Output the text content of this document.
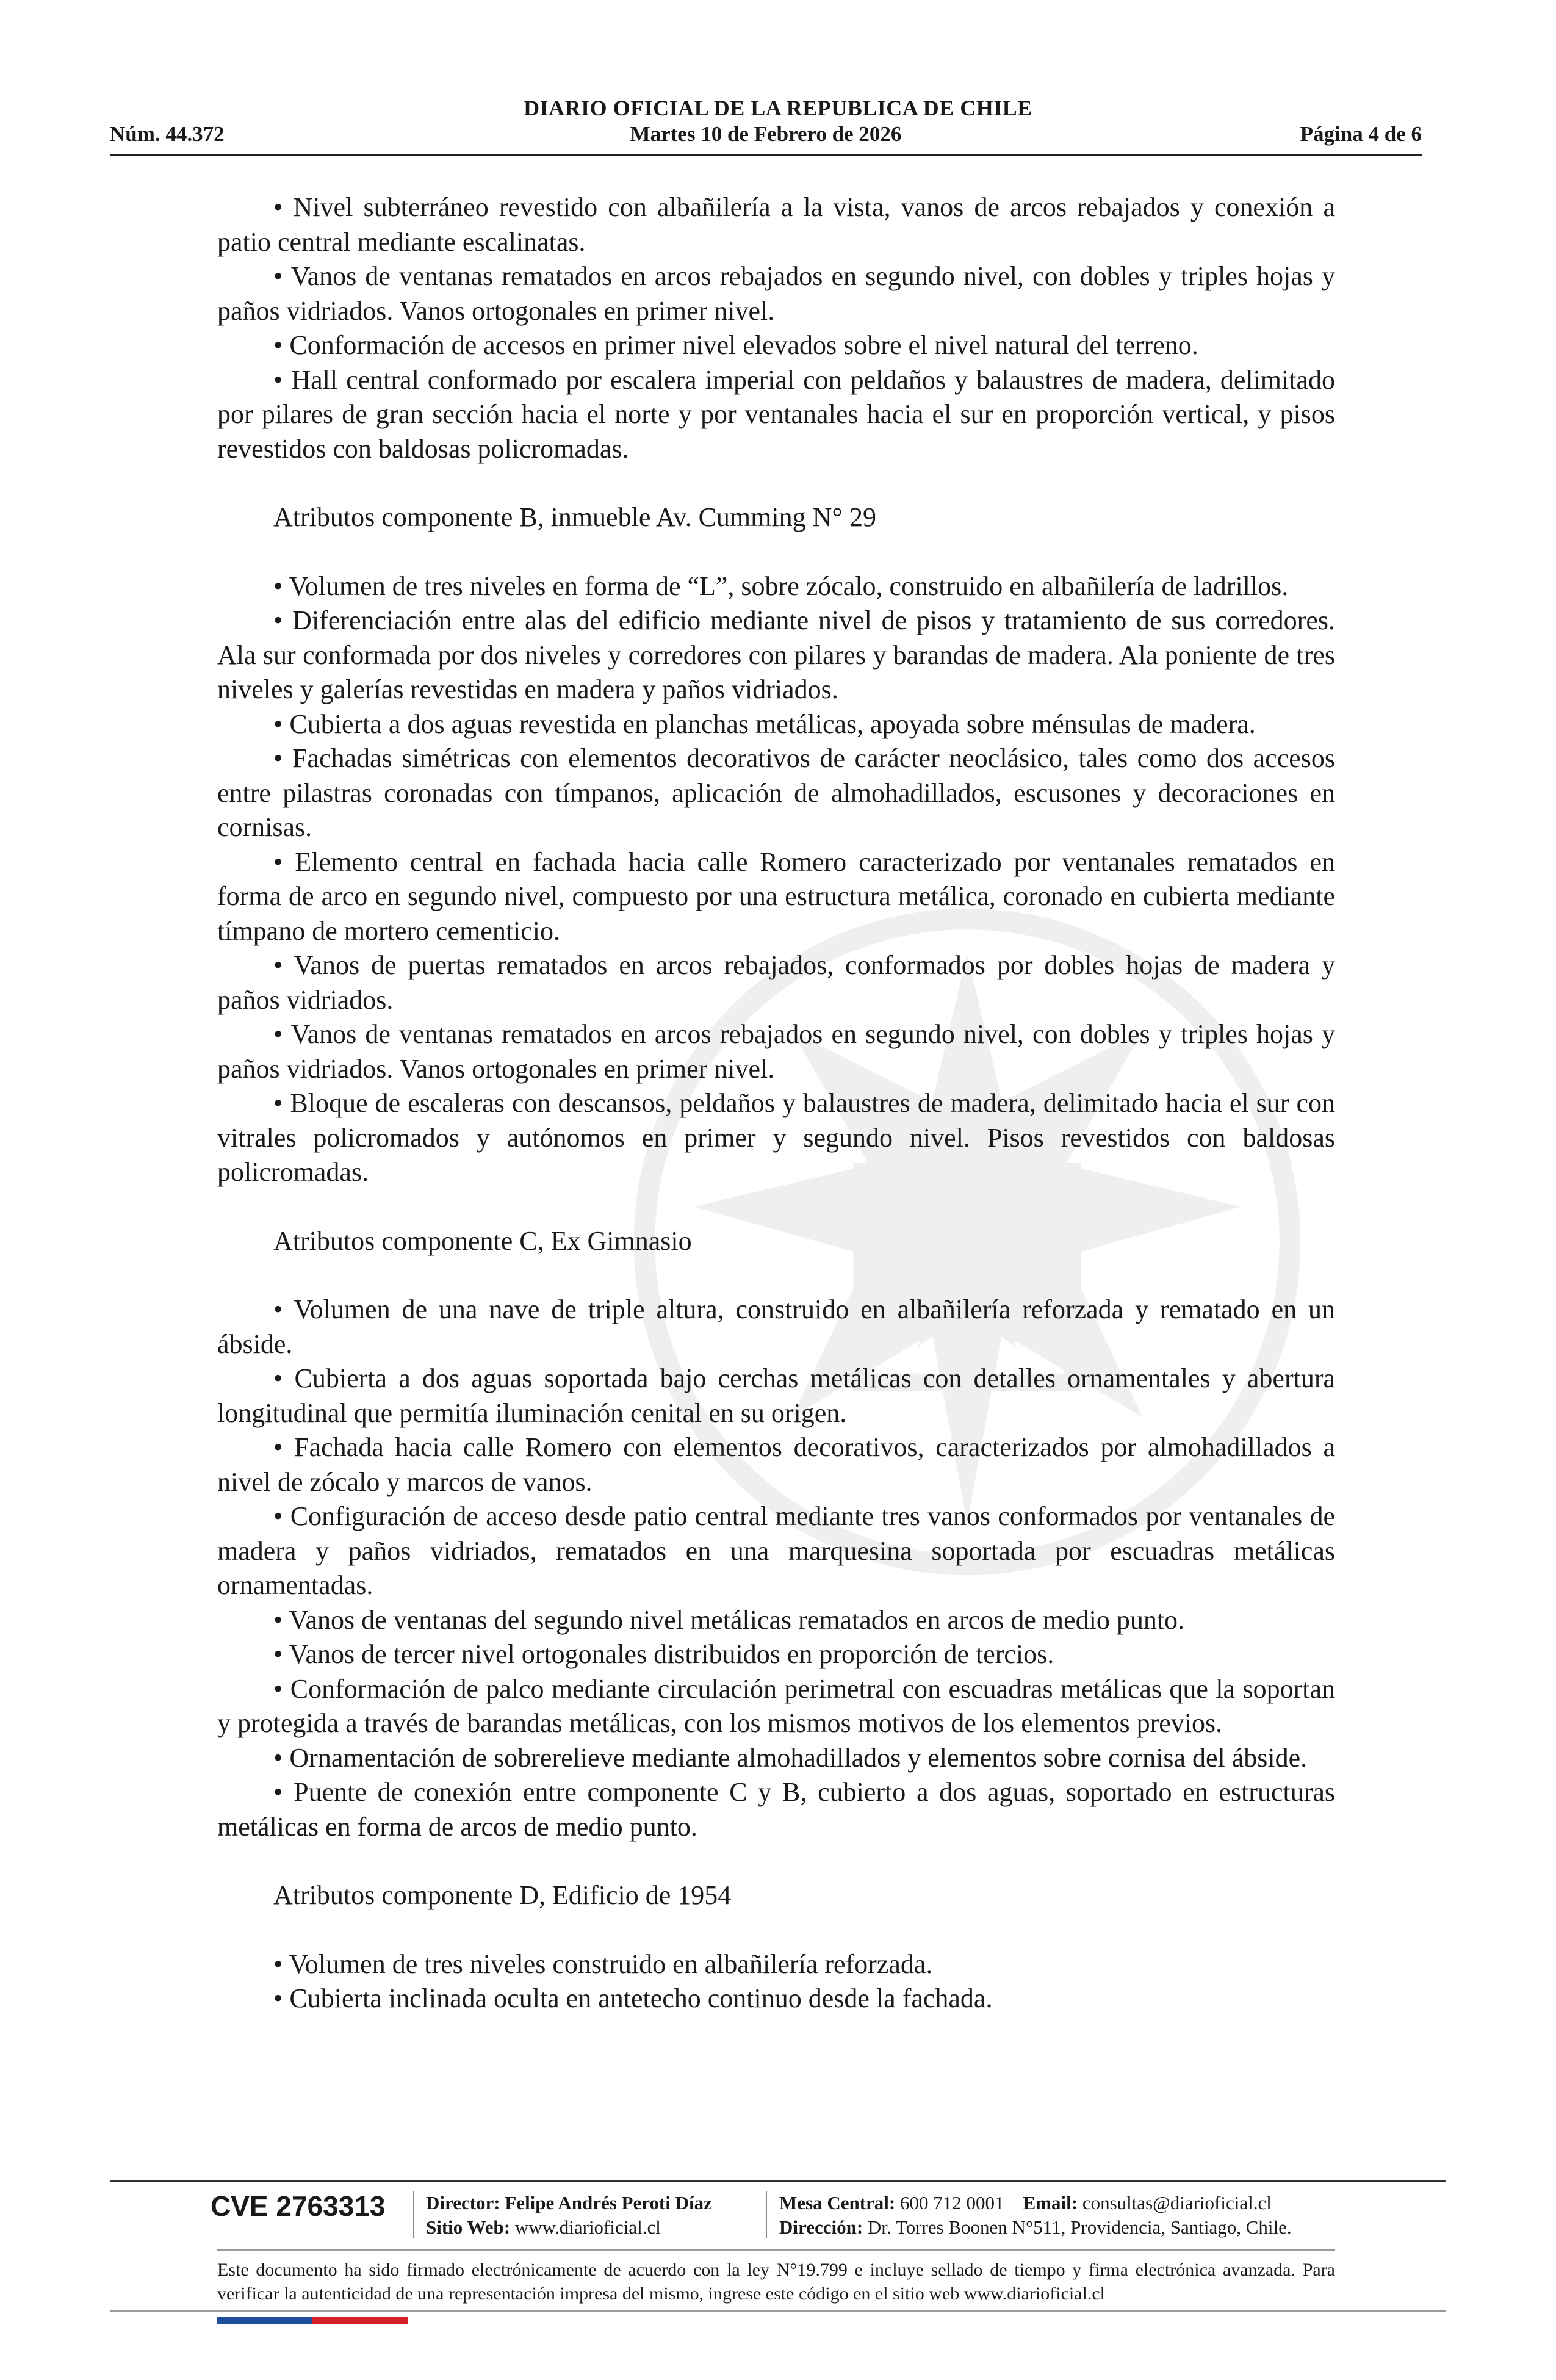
DIARIO OFICIAL DE LA REPUBLICA DE CHILE
Núm. 44.372	Martes 10 de Febrero de 2026	Página 4 de 6

• Nivel subterráneo revestido con albañilería a la vista, vanos de arcos rebajados y conexión a patio central mediante escalinatas.

• Vanos de ventanas rematados en arcos rebajados en segundo nivel, con dobles y triples hojas y paños vidriados. Vanos ortogonales en primer nivel.

• Conformación de accesos en primer nivel elevados sobre el nivel natural del terreno.

• Hall central conformado por escalera imperial con peldaños y balaustres de madera, delimitado por pilares de gran sección hacia el norte y por ventanales hacia el sur en proporción vertical, y pisos revestidos con baldosas policromadas.

Atributos componente B, inmueble Av. Cumming N° 29

• Volumen de tres niveles en forma de “L”, sobre zócalo, construido en albañilería de ladrillos.

• Diferenciación entre alas del edificio mediante nivel de pisos y tratamiento de sus corredores. Ala sur conformada por dos niveles y corredores con pilares y barandas de madera. Ala poniente de tres niveles y galerías revestidas en madera y paños vidriados.

• Cubierta a dos aguas revestida en planchas metálicas, apoyada sobre ménsulas de madera.

• Fachadas simétricas con elementos decorativos de carácter neoclásico, tales como dos accesos entre pilastras coronadas con tímpanos, aplicación de almohadillados, escusones y decoraciones en cornisas.

• Elemento central en fachada hacia calle Romero caracterizado por ventanales rematados en forma de arco en segundo nivel, compuesto por una estructura metálica, coronado en cubierta mediante tímpano de mortero cementicio.

• Vanos de puertas rematados en arcos rebajados, conformados por dobles hojas de madera y paños vidriados.

• Vanos de ventanas rematados en arcos rebajados en segundo nivel, con dobles y triples hojas y paños vidriados. Vanos ortogonales en primer nivel.

• Bloque de escaleras con descansos, peldaños y balaustres de madera, delimitado hacia el sur con vitrales policromados y autónomos en primer y segundo nivel. Pisos revestidos con baldosas policromadas.

Atributos componente C, Ex Gimnasio

• Volumen de una nave de triple altura, construido en albañilería reforzada y rematado en un ábside.

• Cubierta a dos aguas soportada bajo cerchas metálicas con detalles ornamentales y abertura longitudinal que permitía iluminación cenital en su origen.

• Fachada hacia calle Romero con elementos decorativos, caracterizados por almohadillados a nivel de zócalo y marcos de vanos.

• Configuración de acceso desde patio central mediante tres vanos conformados por ventanales de madera y paños vidriados, rematados en una marquesina soportada por escuadras metálicas ornamentadas.

• Vanos de ventanas del segundo nivel metálicas rematados en arcos de medio punto.

• Vanos de tercer nivel ortogonales distribuidos en proporción de tercios.

• Conformación de palco mediante circulación perimetral con escuadras metálicas que la soportan y protegida a través de barandas metálicas, con los mismos motivos de los elementos previos.

• Ornamentación de sobrerelieve mediante almohadillados y elementos sobre cornisa del ábside.

• Puente de conexión entre componente C y B, cubierto a dos aguas, soportado en estructuras metálicas en forma de arcos de medio punto.

Atributos componente D, Edificio de 1954

• Volumen de tres niveles construido en albañilería reforzada.

• Cubierta inclinada oculta en antetecho continuo desde la fachada.

CVE 2763313 Director: Felipe Andrés Peroti Díaz
Sitio Web: www.diarioficial.cl
Mesa Central: 600 712 0001 Email: consultas@diarioficial.cl
Dirección: Dr. Torres Boonen N°511, Providencia, Santiago, Chile.
Este documento ha sido firmado electrónicamente de acuerdo con la ley N°19.799 e incluye sellado de tiempo y firma electrónica avanzada. Para verificar la autenticidad de una representación impresa del mismo, ingrese este código en el sitio web www.diarioficial.cl
